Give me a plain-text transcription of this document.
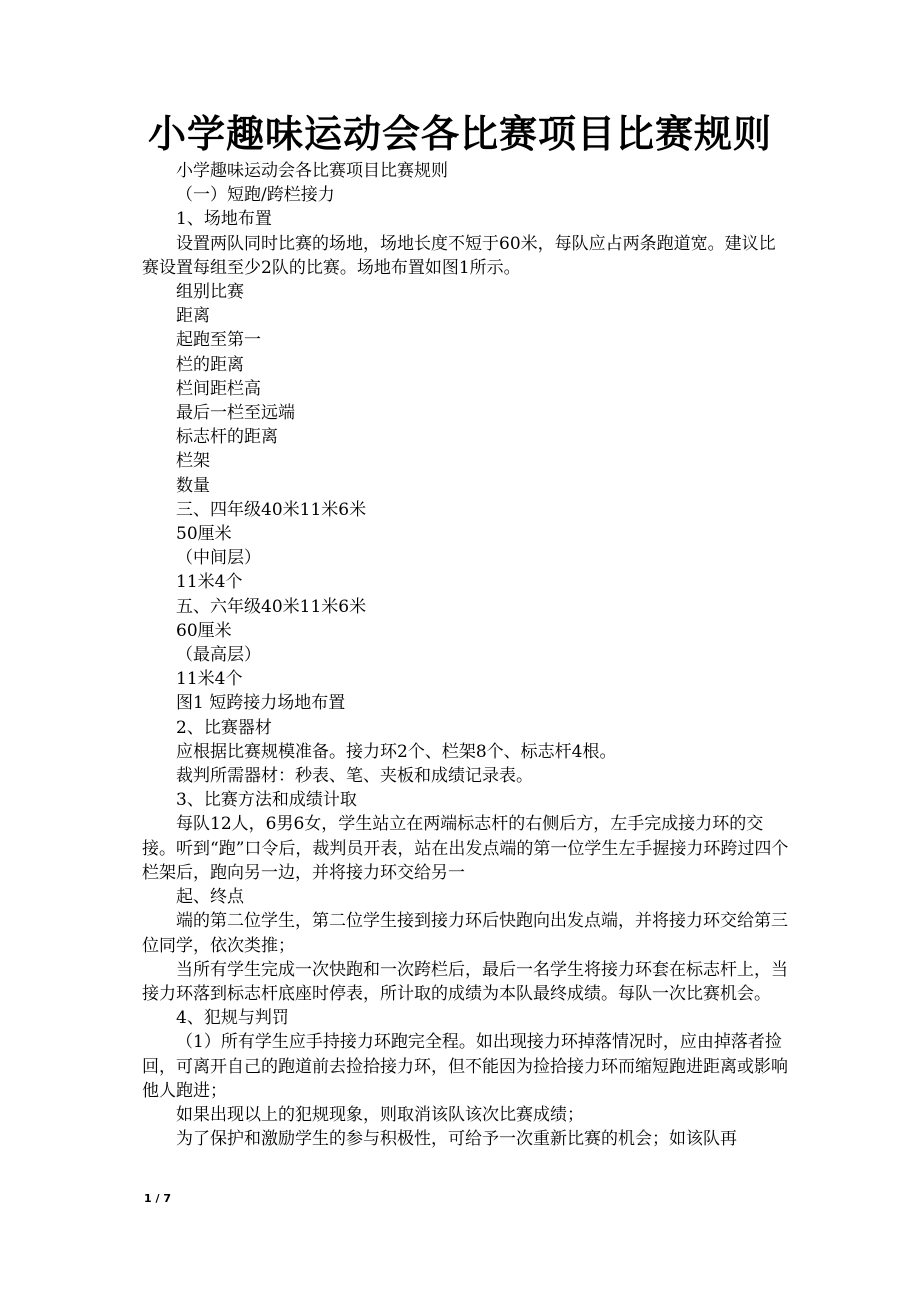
小学趣味运动会各比赛项目比赛规则

小学趣味运动会各比赛项目比赛规则

（一）短跑/跨栏接力

1、场地布置

设置两队同时比赛的场地，场地长度不短于60米，每队应占两条跑道宽。建议比赛设置每组至少2队的比赛。场地布置如图1所示。

组别比赛

距离

起跑至第一

栏的距离

栏间距栏高

最后一栏至远端

标志杆的距离

栏架

数量

三、四年级40米11米6米

50厘米

（中间层）

11米4个

五、六年级40米11米6米

60厘米

（最高层）

11米4个

图1 短跨接力场地布置

2、比赛器材

应根据比赛规模准备。接力环2个、栏架8个、标志杆4根。

裁判所需器材：秒表、笔、夹板和成绩记录表。

3、比赛方法和成绩计取

每队12人，6男6女，学生站立在两端标志杆的右侧后方，左手完成接力环的交接。听到“跑”口令后，裁判员开表，站在出发点端的第一位学生左手握接力环跨过四个栏架后，跑向另一边，并将接力环交给另一

起、终点

端的第二位学生，第二位学生接到接力环后快跑向出发点端，并将接力环交给第三位同学，依次类推；

当所有学生完成一次快跑和一次跨栏后，最后一名学生将接力环套在标志杆上，当接力环落到标志杆底座时停表，所计取的成绩为本队最终成绩。每队一次比赛机会。

4、犯规与判罚

（1）所有学生应手持接力环跑完全程。如出现接力环掉落情况时，应由掉落者捡回，可离开自己的跑道前去捡拾接力环，但不能因为捡拾接力环而缩短跑进距离或影响他人跑进；

如果出现以上的犯规现象，则取消该队该次比赛成绩；

为了保护和激励学生的参与积极性，可给予一次重新比赛的机会；如该队再

1 / 7
